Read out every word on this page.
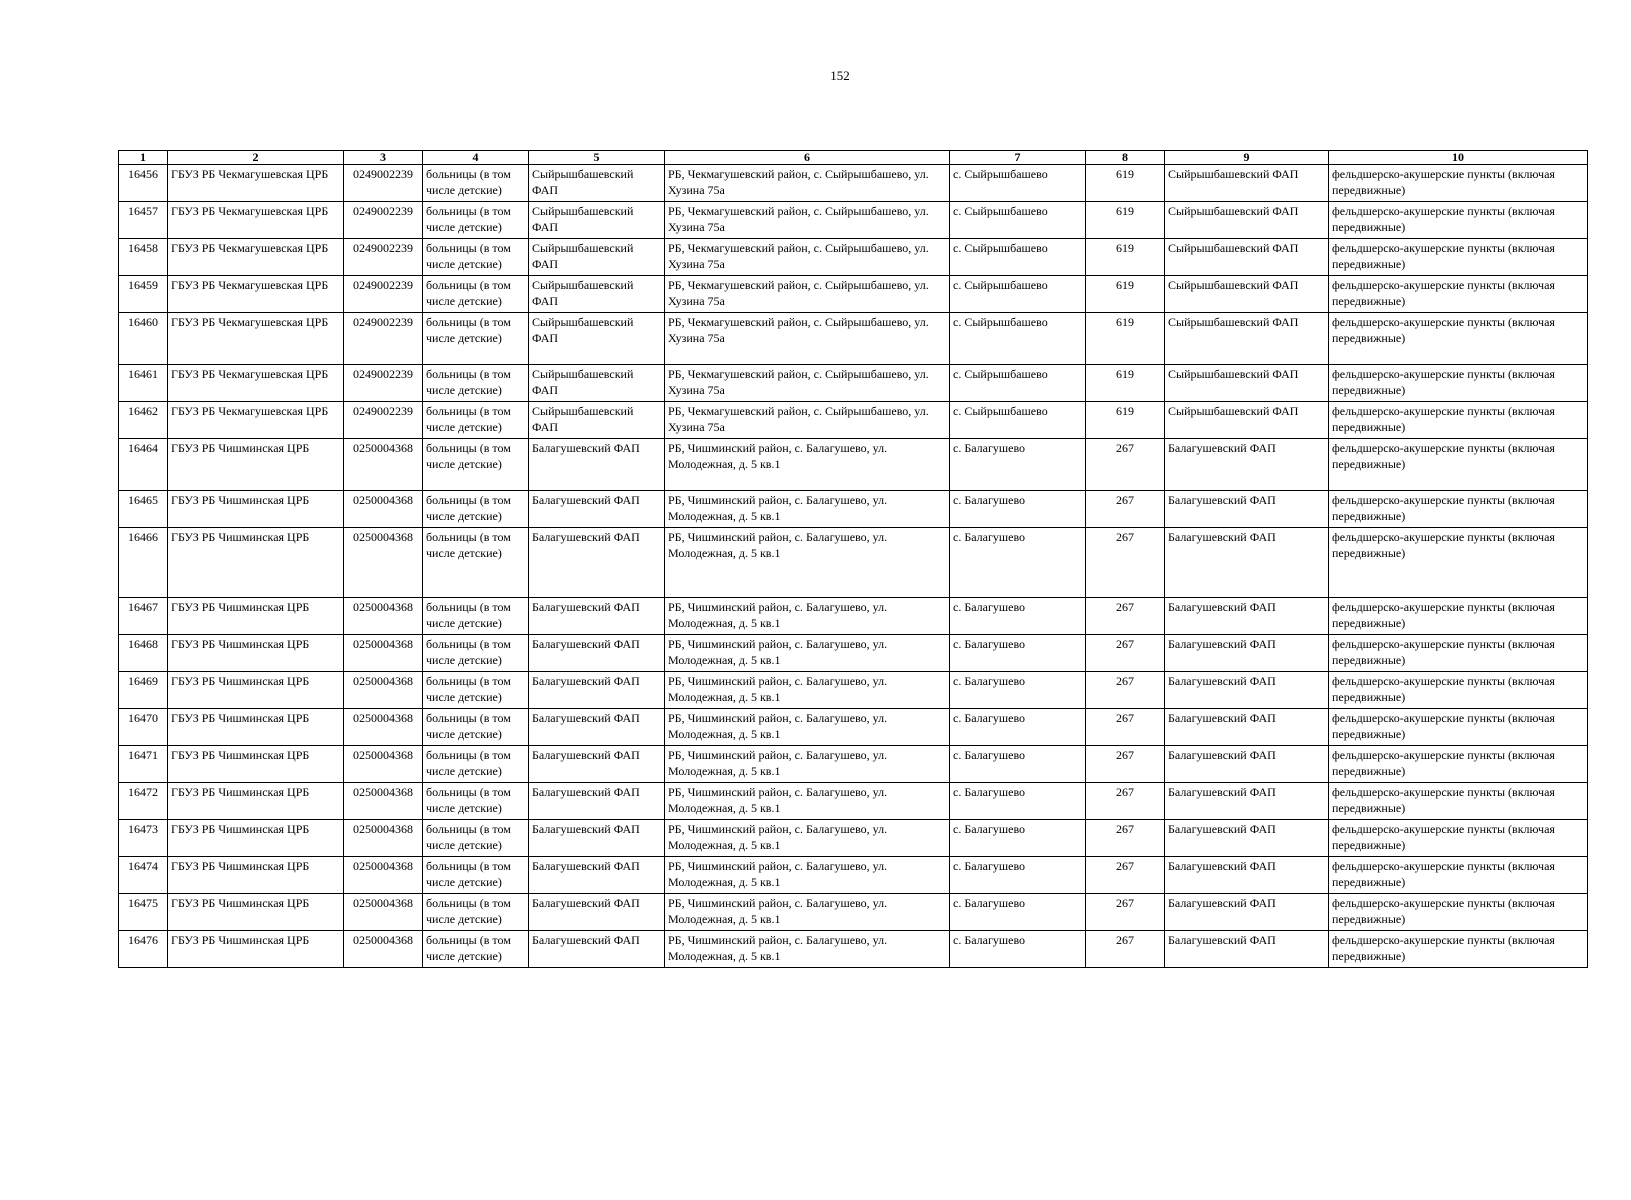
152
1	2	3	4	5	6	7	8	9	10
16456	ГБУЗ РБ Чекмагушевская ЦРБ	0249002239	больницы (в том числе детские)	Сыйрышбашевский ФАП	РБ, Чекмагушевский район, с. Сыйрышбашево, ул. Хузина 75а	с. Сыйрышбашево	619	Сыйрышбашевский ФАП	фельдшерско-акушерские пункты (включая передвижные)
16457	ГБУЗ РБ Чекмагушевская ЦРБ	0249002239	больницы (в том числе детские)	Сыйрышбашевский ФАП	РБ, Чекмагушевский район, с. Сыйрышбашево, ул. Хузина 75а	с. Сыйрышбашево	619	Сыйрышбашевский ФАП	фельдшерско-акушерские пункты (включая передвижные)
16458	ГБУЗ РБ Чекмагушевская ЦРБ	0249002239	больницы (в том числе детские)	Сыйрышбашевский ФАП	РБ, Чекмагушевский район, с. Сыйрышбашево, ул. Хузина 75а	с. Сыйрышбашево	619	Сыйрышбашевский ФАП	фельдшерско-акушерские пункты (включая передвижные)
16459	ГБУЗ РБ Чекмагушевская ЦРБ	0249002239	больницы (в том числе детские)	Сыйрышбашевский ФАП	РБ, Чекмагушевский район, с. Сыйрышбашево, ул. Хузина 75а	с. Сыйрышбашево	619	Сыйрышбашевский ФАП	фельдшерско-акушерские пункты (включая передвижные)
16460	ГБУЗ РБ Чекмагушевская ЦРБ	0249002239	больницы (в том числе детские)	Сыйрышбашевский ФАП	РБ, Чекмагушевский район, с. Сыйрышбашево, ул. Хузина 75а	с. Сыйрышбашево	619	Сыйрышбашевский ФАП	фельдшерско-акушерские пункты (включая передвижные)
16461	ГБУЗ РБ Чекмагушевская ЦРБ	0249002239	больницы (в том числе детские)	Сыйрышбашевский ФАП	РБ, Чекмагушевский район, с. Сыйрышбашево, ул. Хузина 75а	с. Сыйрышбашево	619	Сыйрышбашевский ФАП	фельдшерско-акушерские пункты (включая передвижные)
16462	ГБУЗ РБ Чекмагушевская ЦРБ	0249002239	больницы (в том числе детские)	Сыйрышбашевский ФАП	РБ, Чекмагушевский район, с. Сыйрышбашево, ул. Хузина 75а	с. Сыйрышбашево	619	Сыйрышбашевский ФАП	фельдшерско-акушерские пункты (включая передвижные)
16464	ГБУЗ РБ Чишминская ЦРБ	0250004368	больницы (в том числе детские)	Балагушевский ФАП	РБ, Чишминский район, с. Балагушево, ул. Молодежная, д. 5 кв.1	с. Балагушево	267	Балагушевский ФАП	фельдшерско-акушерские пункты (включая передвижные)
16465	ГБУЗ РБ Чишминская ЦРБ	0250004368	больницы (в том числе детские)	Балагушевский ФАП	РБ, Чишминский район, с. Балагушево, ул. Молодежная, д. 5 кв.1	с. Балагушево	267	Балагушевский ФАП	фельдшерско-акушерские пункты (включая передвижные)
16466	ГБУЗ РБ Чишминская ЦРБ	0250004368	больницы (в том числе детские)	Балагушевский ФАП	РБ, Чишминский район, с. Балагушево, ул. Молодежная, д. 5 кв.1	с. Балагушево	267	Балагушевский ФАП	фельдшерско-акушерские пункты (включая передвижные)
16467	ГБУЗ РБ Чишминская ЦРБ	0250004368	больницы (в том числе детские)	Балагушевский ФАП	РБ, Чишминский район, с. Балагушево, ул. Молодежная, д. 5 кв.1	с. Балагушево	267	Балагушевский ФАП	фельдшерско-акушерские пункты (включая передвижные)
16468	ГБУЗ РБ Чишминская ЦРБ	0250004368	больницы (в том числе детские)	Балагушевский ФАП	РБ, Чишминский район, с. Балагушево, ул. Молодежная, д. 5 кв.1	с. Балагушево	267	Балагушевский ФАП	фельдшерско-акушерские пункты (включая передвижные)
16469	ГБУЗ РБ Чишминская ЦРБ	0250004368	больницы (в том числе детские)	Балагушевский ФАП	РБ, Чишминский район, с. Балагушево, ул. Молодежная, д. 5 кв.1	с. Балагушево	267	Балагушевский ФАП	фельдшерско-акушерские пункты (включая передвижные)
16470	ГБУЗ РБ Чишминская ЦРБ	0250004368	больницы (в том числе детские)	Балагушевский ФАП	РБ, Чишминский район, с. Балагушево, ул. Молодежная, д. 5 кв.1	с. Балагушево	267	Балагушевский ФАП	фельдшерско-акушерские пункты (включая передвижные)
16471	ГБУЗ РБ Чишминская ЦРБ	0250004368	больницы (в том числе детские)	Балагушевский ФАП	РБ, Чишминский район, с. Балагушево, ул. Молодежная, д. 5 кв.1	с. Балагушево	267	Балагушевский ФАП	фельдшерско-акушерские пункты (включая передвижные)
16472	ГБУЗ РБ Чишминская ЦРБ	0250004368	больницы (в том числе детские)	Балагушевский ФАП	РБ, Чишминский район, с. Балагушево, ул. Молодежная, д. 5 кв.1	с. Балагушево	267	Балагушевский ФАП	фельдшерско-акушерские пункты (включая передвижные)
16473	ГБУЗ РБ Чишминская ЦРБ	0250004368	больницы (в том числе детские)	Балагушевский ФАП	РБ, Чишминский район, с. Балагушево, ул. Молодежная, д. 5 кв.1	с. Балагушево	267	Балагушевский ФАП	фельдшерско-акушерские пункты (включая передвижные)
16474	ГБУЗ РБ Чишминская ЦРБ	0250004368	больницы (в том числе детские)	Балагушевский ФАП	РБ, Чишминский район, с. Балагушево, ул. Молодежная, д. 5 кв.1	с. Балагушево	267	Балагушевский ФАП	фельдшерско-акушерские пункты (включая передвижные)
16475	ГБУЗ РБ Чишминская ЦРБ	0250004368	больницы (в том числе детские)	Балагушевский ФАП	РБ, Чишминский район, с. Балагушево, ул. Молодежная, д. 5 кв.1	с. Балагушево	267	Балагушевский ФАП	фельдшерско-акушерские пункты (включая передвижные)
16476	ГБУЗ РБ Чишминская ЦРБ	0250004368	больницы (в том числе детские)	Балагушевский ФАП	РБ, Чишминский район, с. Балагушево, ул. Молодежная, д. 5 кв.1	с. Балагушево	267	Балагушевский ФАП	фельдшерско-акушерские пункты (включая передвижные)
